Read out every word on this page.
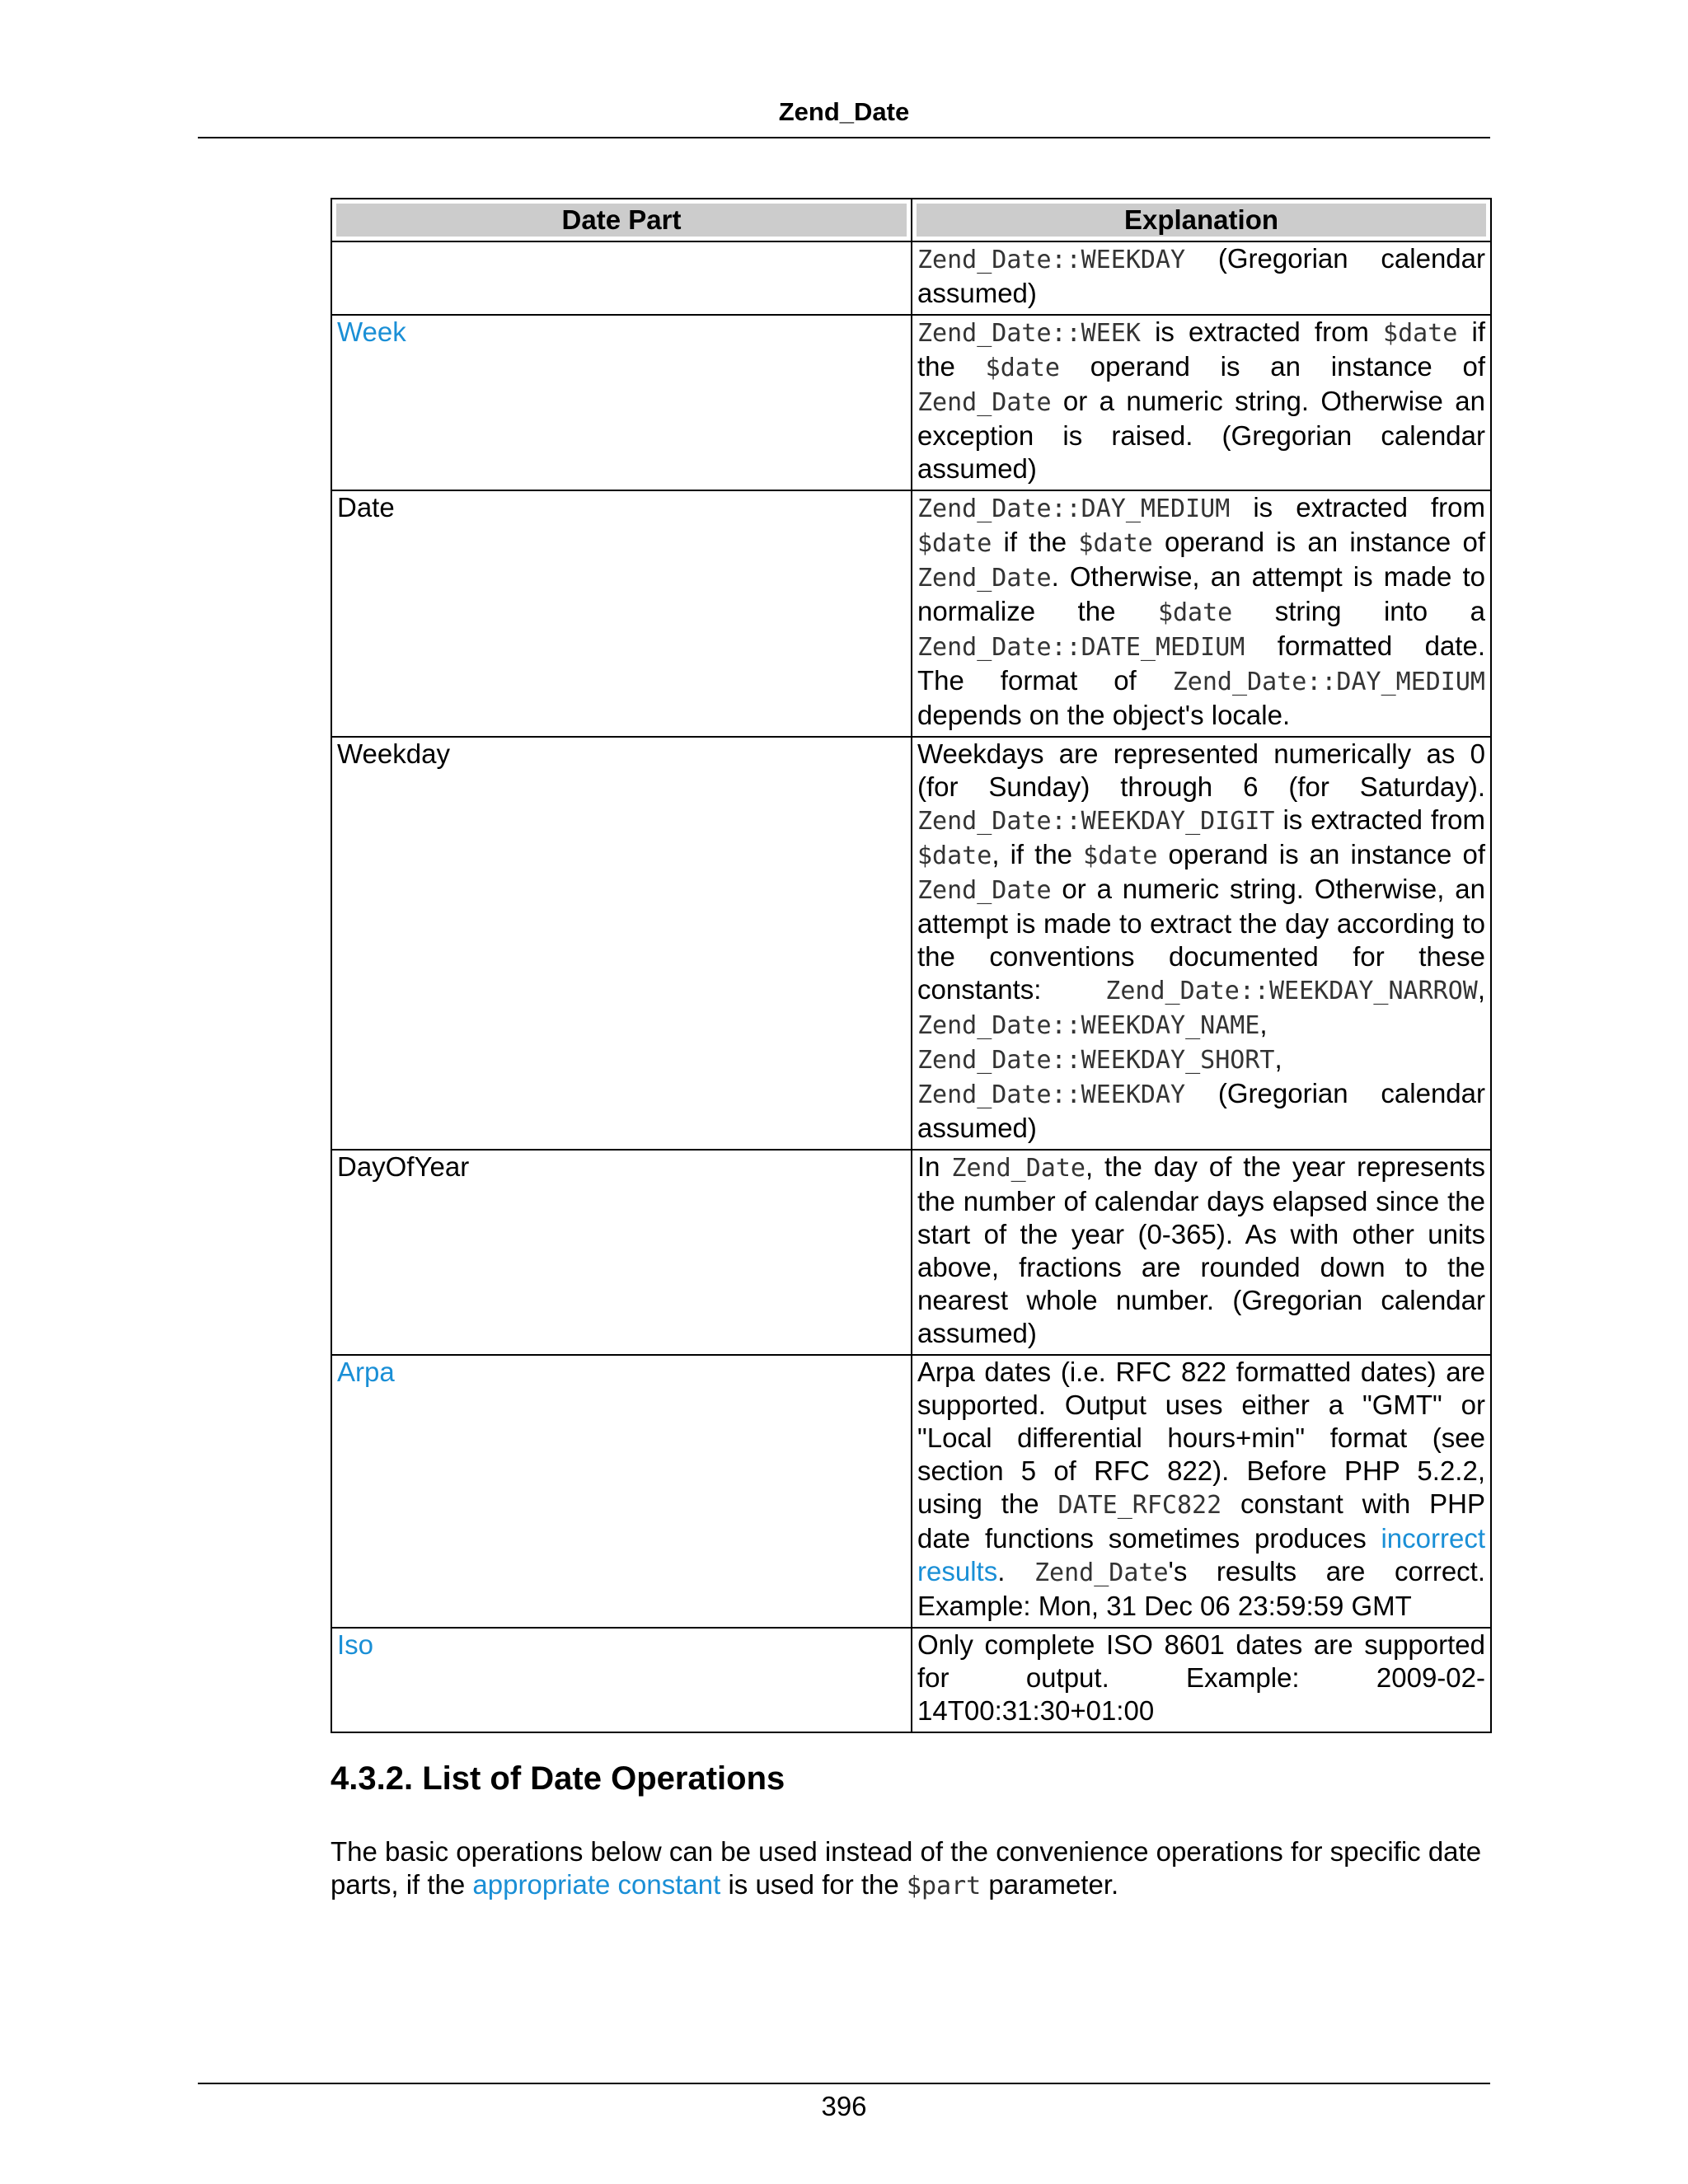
Zend_Date
Date Part	Explanation

	Zend_Date::WEEKDAY (Gregorian calendar assumed)
Week	Zend_Date::WEEK is extracted from $date if the $date operand is an instance of Zend_Date or a numeric string. Otherwise an exception is raised. (Gregorian calendar assumed)
Date	Zend_Date::DAY_MEDIUM is extracted from $date if the $date operand is an instance of Zend_Date. Otherwise, an attempt is made to normalize the $date string into a Zend_Date::DATE_MEDIUM formatted date. The format of Zend_Date::DAY_MEDIUM depends on the object's locale.
Weekday	Weekdays are represented numerically as 0 (for Sunday) through 6 (for Saturday). Zend_Date::WEEKDAY_DIGIT is extracted from $date, if the $date operand is an instance of Zend_Date or a numeric string. Otherwise, an attempt is made to extract the day according to the conventions documented for these constants: Zend_Date::WEEKDAY_NARROW, Zend_Date::WEEKDAY_NAME, Zend_Date::WEEKDAY_SHORT, Zend_Date::WEEKDAY (Gregorian calendar assumed)
DayOfYear	In Zend_Date, the day of the year represents the number of calendar days elapsed since the start of the year (0-365). As with other units above, fractions are rounded down to the nearest whole number. (Gregorian calendar assumed)
Arpa	Arpa dates (i.e. RFC 822 formatted dates) are supported. Output uses either a "GMT" or "Local differential hours+min" format (see section 5 of RFC 822). Before PHP 5.2.2, using the DATE_RFC822 constant with PHP date functions sometimes produces incorrect results. Zend_Date's results are correct. Example: Mon, 31 Dec 06 23:59:59 GMT
Iso	Only complete ISO 8601 dates are supported for output. Example: 2009-02-14T00:31:30+01:00
4.3.2. List of Date Operations

The basic operations below can be used instead of the convenience operations for specific date parts, if the appropriate constant is used for the $part parameter.

396
